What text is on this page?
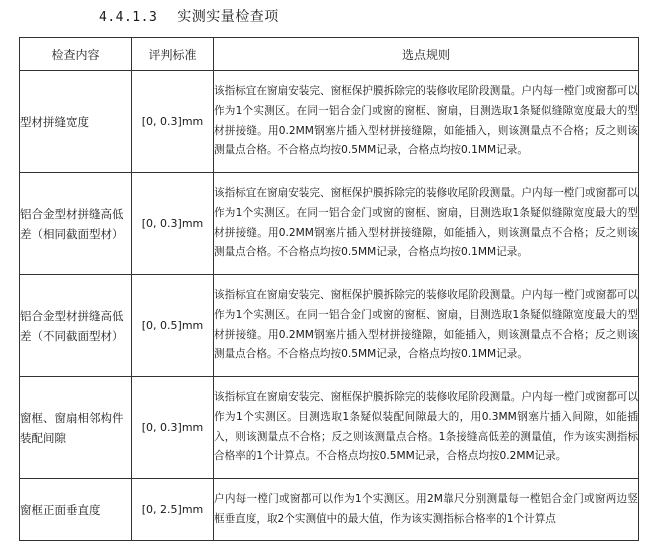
4.4.1.3 实测实量检查项
检查内容	评判标准	选点规则
型材拼缝宽度	[0, 0.3]mm	该指标宜在窗扇安装完、窗框保护膜拆除完的装修收尾阶段测量。户内每一樘门或窗都可以作为1个实测区。在同一铝合金门或窗的窗框、窗扇，目测选取1条疑似缝隙宽度最大的型材拼接缝。用0.2MM钢塞片插入型材拼接缝隙，如能插入，则该测量点不合格；反之则该测量点合格。不合格点均按0.5MM记录，合格点均按0.1MM记录。
铝合金型材拼缝高低差（相同截面型材）	[0, 0.3]mm	该指标宜在窗扇安装完、窗框保护膜拆除完的装修收尾阶段测量。户内每一樘门或窗都可以作为1个实测区。在同一铝合金门或窗的窗框、窗扇，目测选取1条疑似缝隙宽度最大的型材拼接缝。用0.2MM钢塞片插入型材拼接缝隙，如能插入，则该测量点不合格；反之则该测量点合格。不合格点均按0.5MM记录，合格点均按0.1MM记录。
铝合金型材拼缝高低差（不同截面型材）	[0, 0.5]mm	该指标宜在窗扇安装完、窗框保护膜拆除完的装修收尾阶段测量。户内每一樘门或窗都可以作为1个实测区。在同一铝合金门或窗的窗框、窗扇，目测选取1条疑似缝隙宽度最大的型材拼接缝。用0.2MM钢塞片插入型材拼接缝隙，如能插入，则该测量点不合格；反之则该测量点合格。不合格点均按0.5MM记录，合格点均按0.1MM记录。
窗框、窗扇相邻构件装配间隙	[0, 0.3]mm	该指标宜在窗扇安装完、窗框保护膜拆除完的装修收尾阶段测量。户内每一樘门或窗都可以作为1个实测区。目测选取1条疑似装配间隙最大的，用0.3MM钢塞片插入间隙，如能插入，则该测量点不合格；反之则该测量点合格。1条接缝高低差的测量值，作为该实测指标合格率的1个计算点。不合格点均按0.5MM记录，合格点均按0.2MM记录。
窗框正面垂直度	[0, 2.5]mm	户内每一樘门或窗都可以作为1个实测区。用2M靠尺分别测量每一樘铝合金门或窗两边竖框垂直度，取2个实测值中的最大值，作为该实测指标合格率的1个计算点
